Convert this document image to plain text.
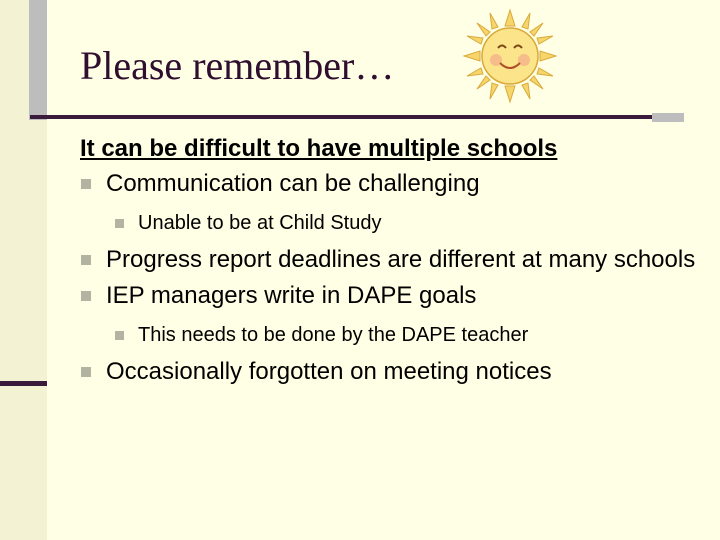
Please remember…
It can be difficult to have multiple schools
Communication can be challenging
Unable to be at Child Study
Progress report deadlines are different at many schools
IEP managers write in DAPE goals
This needs to be done by the DAPE teacher
Occasionally forgotten on meeting notices
